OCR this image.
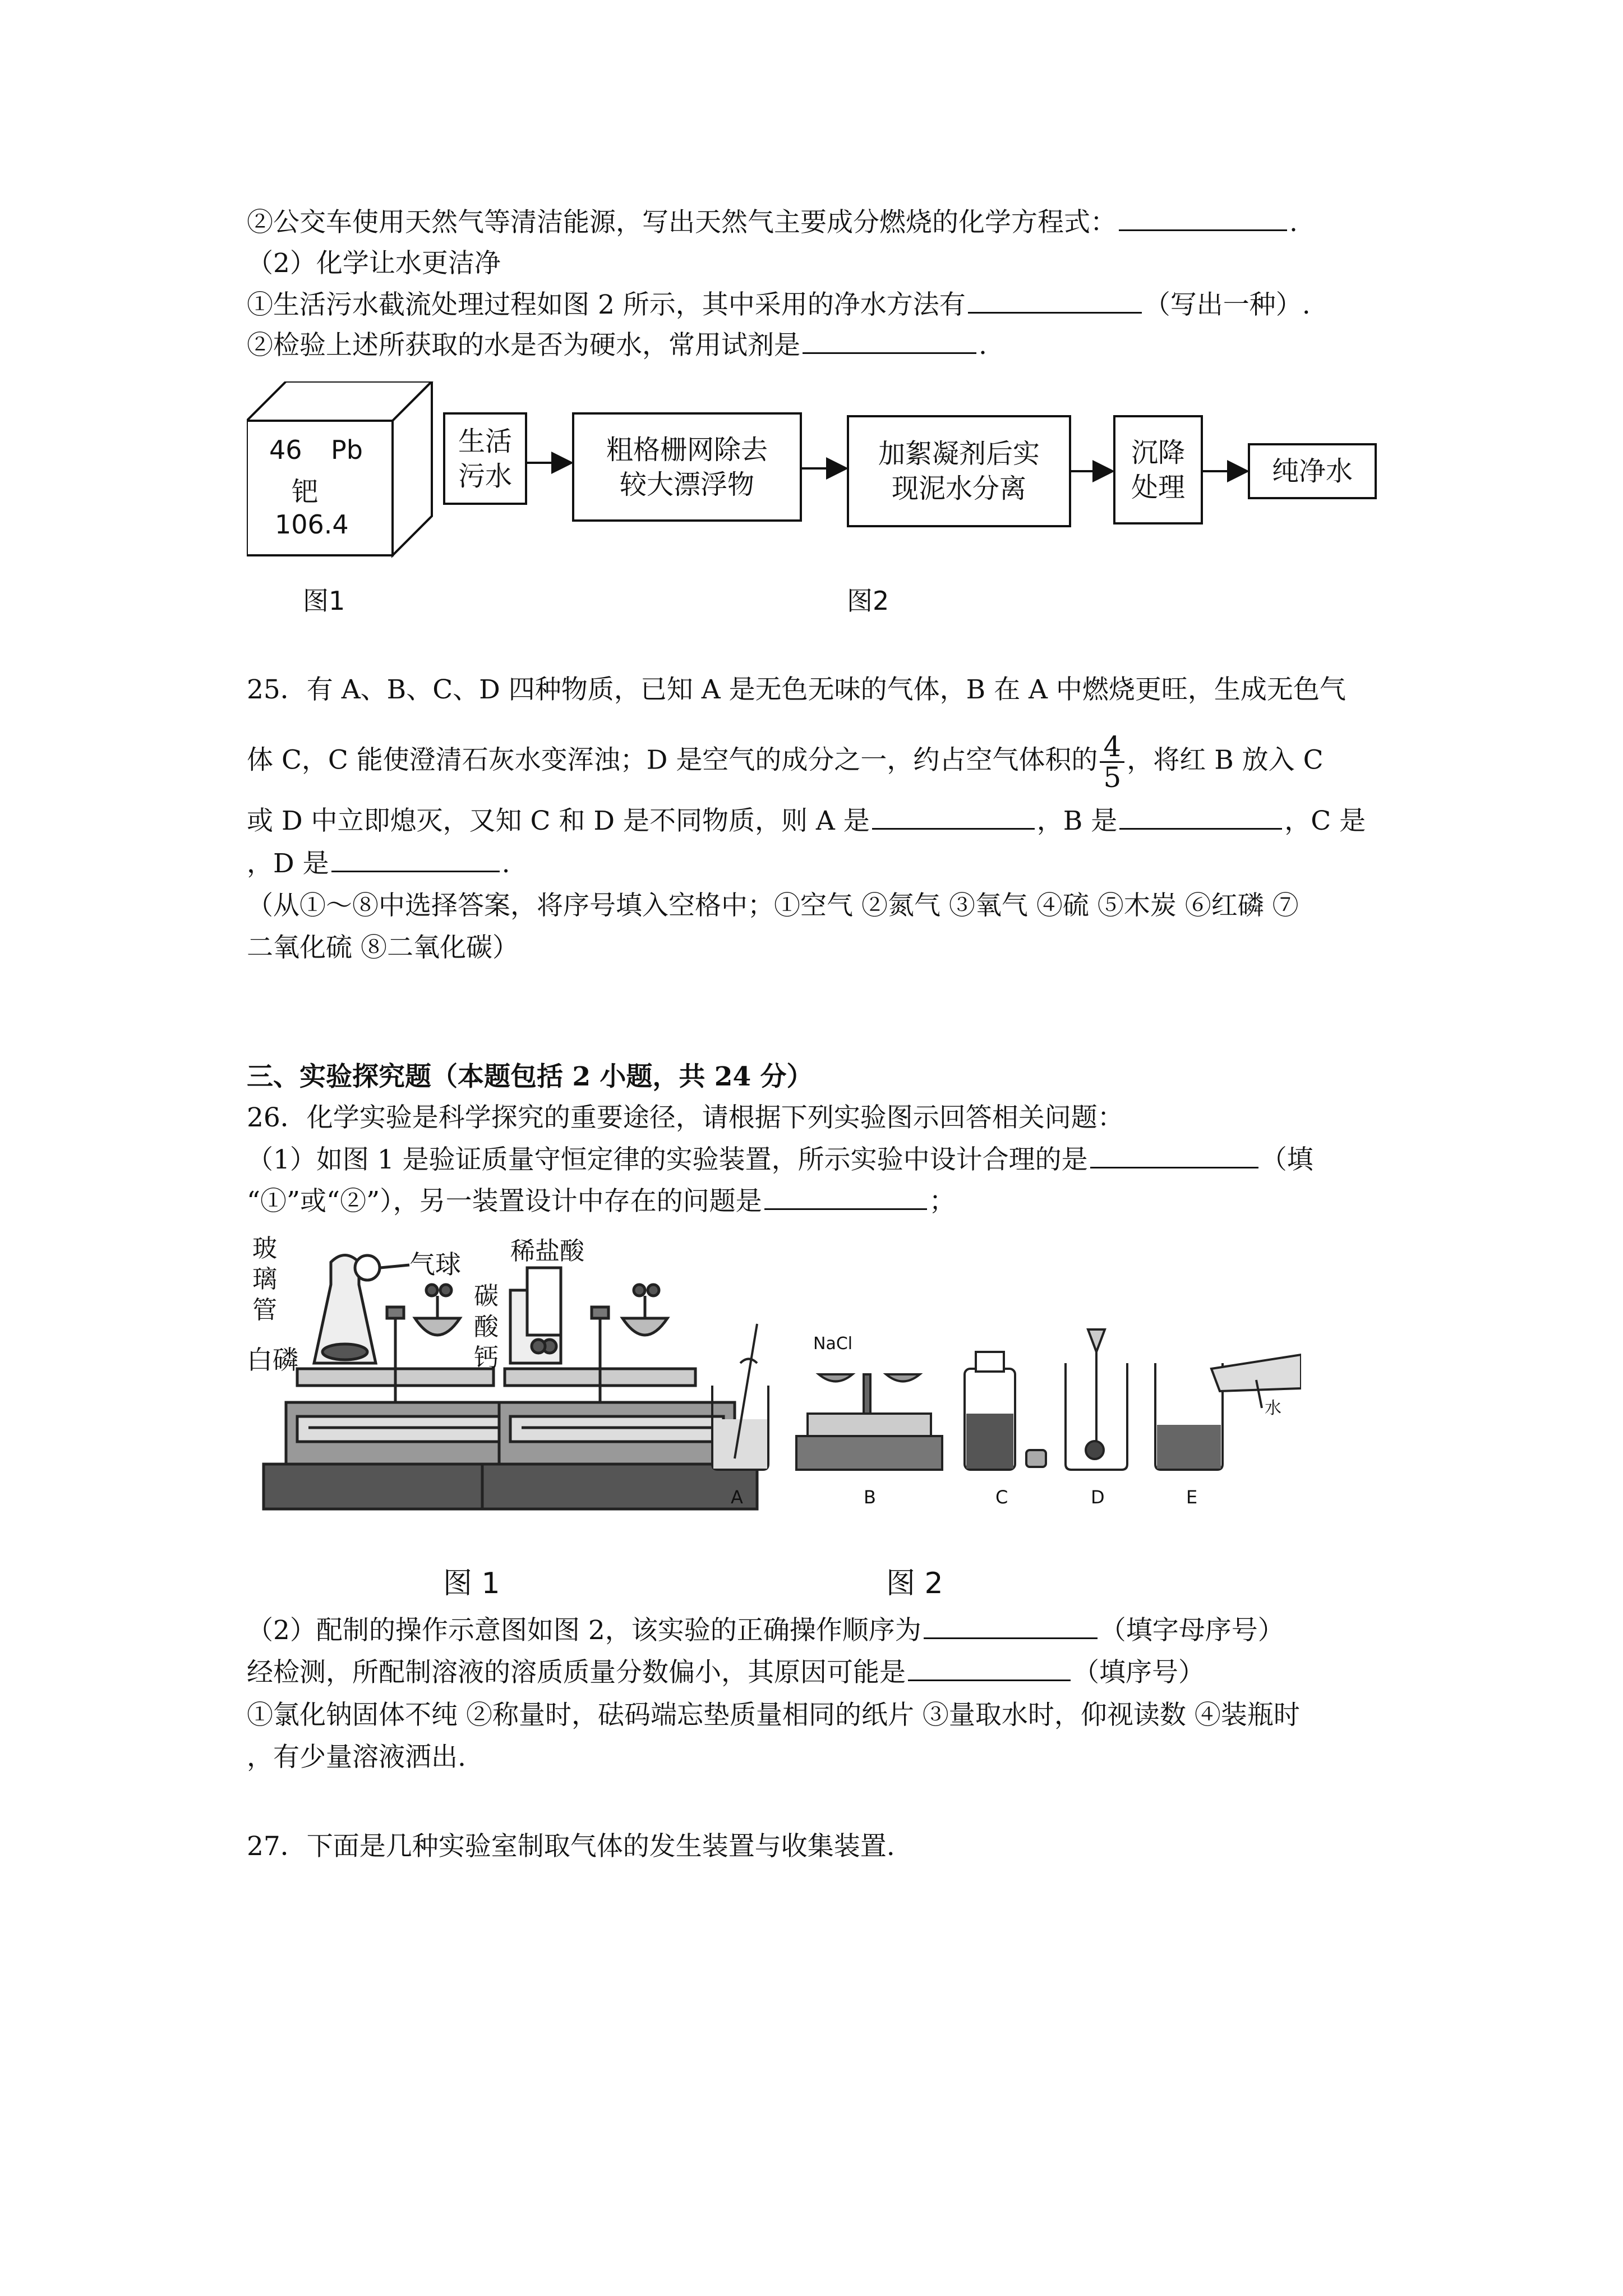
②公交车使用天然气等清洁能源，写出天然气主要成分燃烧的化学方程式：	.
（2）化学让水更洁净
①生活污水截流处理过程如图 2 所示，其中采用的净水方法有	（写出一种）.
②检验上述所获取的水是否为硬水，常用试剂是	.
46 Pb
钯
106.4
图1
生活
污水
粗格栅网除去
较大漂浮物
加絮凝剂后实
现泥水分离
沉降
处理
纯净水
图2
25．有 A、B、C、D 四种物质，已知 A 是无色无味的气体，B 在 A 中燃烧更旺，生成无色气
体 C，C 能使澄清石灰水变浑浊；D 是空气的成分之一，约占空气体积的 $\frac{4}{5}$ ，将红 B 放入 C
或 D 中立即熄灭，又知 C 和 D 是不同物质，则 A 是	，B 是	，C 是
，D 是	.
（从①～⑧中选择答案，将序号填入空格中；①空气 ②氮气 ③氧气 ④硫 ⑤木炭 ⑥红磷 ⑦
二氧化硫 ⑧二氧化碳）
三、实验探究题（本题包括 2 小题，共 24 分）
26．化学实验是科学探究的重要途径，请根据下列实验图示回答相关问题：
（1）如图 1 是验证质量守恒定律的实验装置，所示实验中设计合理的是	（填
“①”或“②”），另一装置设计中存在的问题是	；
玻
璃
管
气球
白磷
稀盐酸
碳
酸
钙
A
NaCl
B	C	D
水
E
图 1	图 2
（2）配制的操作示意图如图 2，该实验的正确操作顺序为	（填字母序号）
经检测，所配制溶液的溶质质量分数偏小，其原因可能是	（填序号）
①氯化钠固体不纯 ②称量时，砝码端忘垫质量相同的纸片 ③量取水时，仰视读数 ④装瓶时
，有少量溶液洒出.
27．下面是几种实验室制取气体的发生装置与收集装置.
